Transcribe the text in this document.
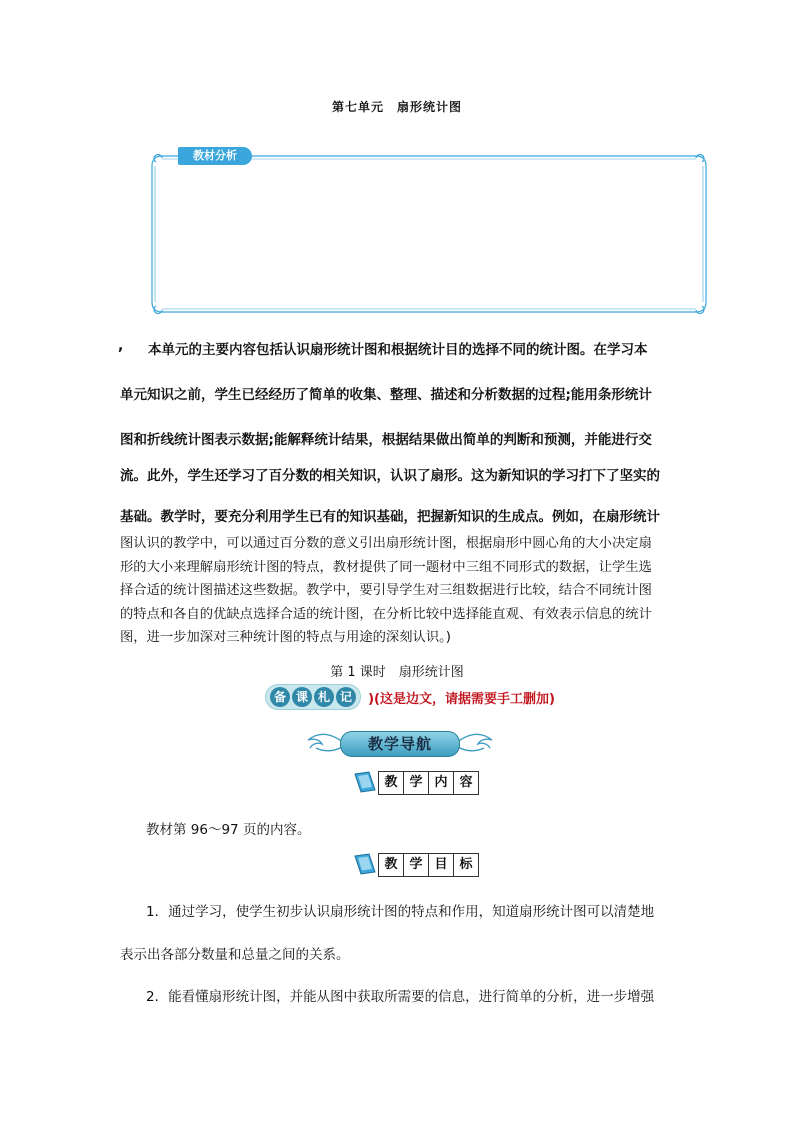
第七单元　扇形统计图
教材分析
, 本单元的主要内容包括认识扇形统计图和根据统计目的选择不同的统计图。在学习本
单元知识之前，学生已经经历了简单的收集、整理、描述和分析数据的过程;能用条形统计
图和折线统计图表示数据;能解释统计结果，根据结果做出简单的判断和预测，并能进行交
流。此外，学生还学习了百分数的相关知识，认识了扇形。这为新知识的学习打下了坚实的
基础。教学时，要充分利用学生已有的知识基础，把握新知识的生成点。例如，在扇形统计
图认识的教学中，可以通过百分数的意义引出扇形统计图，根据扇形中圆心角的大小决定扇
形的大小来理解扇形统计图的特点，教材提供了同一题材中三组不同形式的数据，让学生选
择合适的统计图描述这些数据。教学中，要引导学生对三组数据进行比较，结合不同统计图
的特点和各自的优缺点选择合适的统计图，在分析比较中选择能直观、有效表示信息的统计
图，进一步加深对三种统计图的特点与用途的深刻认识。)
第 1 课时　扇形统计图
备 课 札 记	)(这是边文，请据需要手工删加)
教学导航
教 学 内 容
教材第 96～97 页的内容。
教 学 目 标
1．通过学习，使学生初步认识扇形统计图的特点和作用，知道扇形统计图可以清楚地
表示出各部分数量和总量之间的关系。
2．能看懂扇形统计图，并能从图中获取所需要的信息，进行简单的分析，进一步增强
